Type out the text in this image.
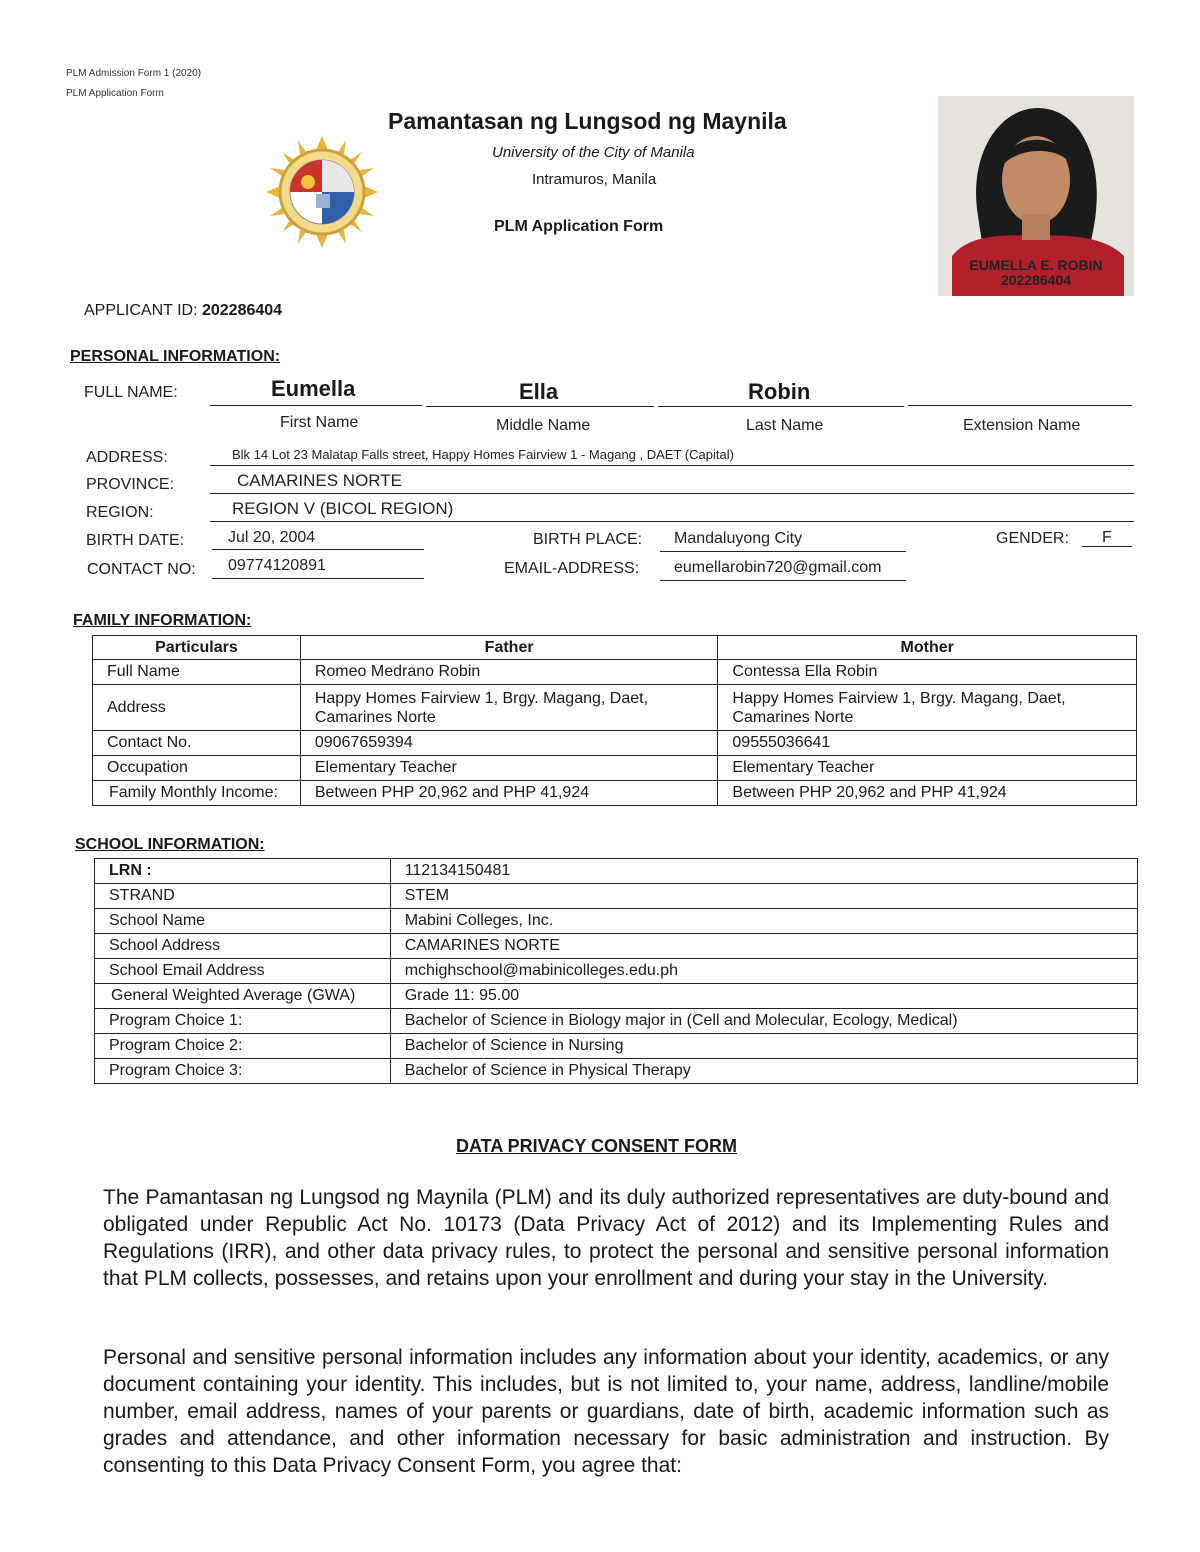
PLM Admission Form 1 (2020)
PLM Application Form
Pamantasan ng Lungsod ng Maynila
University of the City of Manila
Intramuros, Manila
PLM Application Form
EUMELLA E. ROBIN
202286404
APPLICANT ID: 202286404
PERSONAL INFORMATION:
FULL NAME:	Eumella	Ella	Robin
First Name	Middle Name	Last Name	Extension Name
ADDRESS:	Blk 14 Lot 23 Malatap Falls street, Happy Homes Fairview 1 - Magang , DAET (Capital)
PROVINCE:	CAMARINES NORTE
REGION:	REGION V (BICOL REGION)
BIRTH DATE:	Jul 20, 2004	BIRTH PLACE: Mandaluyong City	GENDER: F
CONTACT NO: 09774120891	EMAIL-ADDRESS: eumellarobin720@gmail.com
FAMILY INFORMATION:
Particulars	Father	Mother
Full Name	Romeo Medrano Robin	Contessa Ella Robin
Address	Happy Homes Fairview 1, Brgy. Magang, Daet, Camarines Norte	Happy Homes Fairview 1, Brgy. Magang, Daet, Camarines Norte
Contact No.	09067659394	09555036641
Occupation	Elementary Teacher	Elementary Teacher
Family Monthly Income:	Between PHP 20,962 and PHP 41,924	Between PHP 20,962 and PHP 41,924
SCHOOL INFORMATION:
LRN :	112134150481
STRAND	STEM
School Name	Mabini Colleges, Inc.
School Address	CAMARINES NORTE
School Email Address	mchighschool@mabinicolleges.edu.ph
General Weighted Average (GWA)	Grade 11: 95.00
Program Choice 1:	Bachelor of Science in Biology major in (Cell and Molecular, Ecology, Medical)
Program Choice 2:	Bachelor of Science in Nursing
Program Choice 3:	Bachelor of Science in Physical Therapy
DATA PRIVACY CONSENT FORM
The Pamantasan ng Lungsod ng Maynila (PLM) and its duly authorized representatives are duty-bound and obligated under Republic Act No. 10173 (Data Privacy Act of 2012) and its Implementing Rules and Regulations (IRR), and other data privacy rules, to protect the personal and sensitive personal information that PLM collects, possesses, and retains upon your enrollment and during your stay in the University.
Personal and sensitive personal information includes any information about your identity, academics, or any document containing your identity. This includes, but is not limited to, your name, address, landline/mobile number, email address, names of your parents or guardians, date of birth, academic information such as grades and attendance, and other information necessary for basic administration and instruction. By consenting to this Data Privacy Consent Form, you agree that:
